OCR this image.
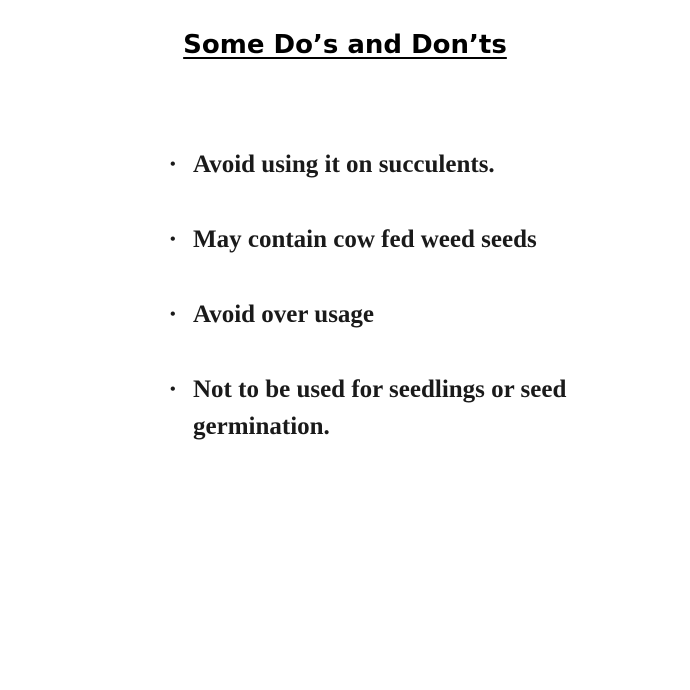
Some Do’s and Don’ts
• Avoid using it on succulents.
• May contain cow fed weed seeds
• Avoid over usage
• Not to be used for seedlings or seed germination.
